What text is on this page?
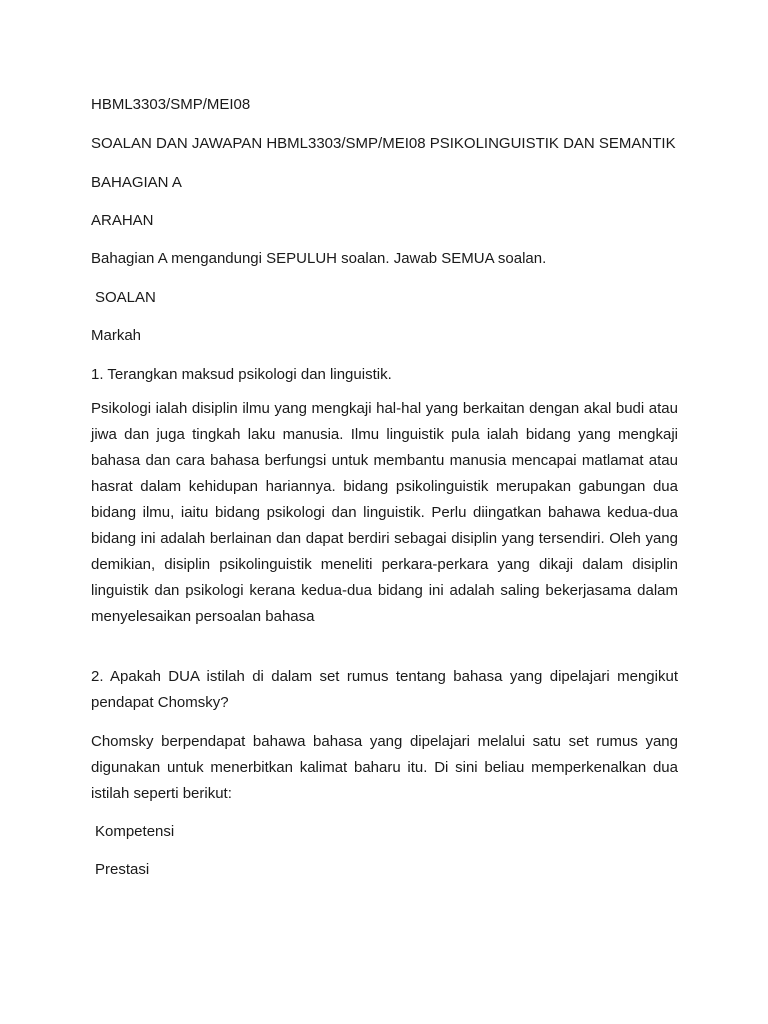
HBML3303/SMP/MEI08
SOALAN DAN JAWAPAN HBML3303/SMP/MEI08 PSIKOLINGUISTIK DAN SEMANTIK
BAHAGIAN A
ARAHAN
Bahagian A mengandungi SEPULUH soalan. Jawab SEMUA soalan.
SOALAN
Markah
1. Terangkan maksud psikologi dan linguistik.
Psikologi ialah disiplin ilmu yang mengkaji hal-hal yang berkaitan dengan akal budi atau jiwa dan juga tingkah laku manusia. Ilmu linguistik pula ialah bidang yang mengkaji bahasa dan cara bahasa berfungsi untuk membantu manusia mencapai matlamat atau hasrat dalam kehidupan hariannya. bidang psikolinguistik merupakan gabungan dua bidang ilmu, iaitu bidang psikologi dan linguistik. Perlu diingatkan bahawa kedua-dua bidang ini adalah berlainan dan dapat berdiri sebagai disiplin yang tersendiri. Oleh yang demikian, disiplin psikolinguistik meneliti perkara-perkara yang dikaji dalam disiplin linguistik dan psikologi kerana kedua-dua bidang ini adalah saling bekerjasama dalam menyelesaikan persoalan bahasa
2. Apakah DUA istilah di dalam set rumus tentang bahasa yang dipelajari mengikut pendapat Chomsky?
Chomsky berpendapat bahawa bahasa yang dipelajari melalui satu set rumus yang digunakan untuk menerbitkan kalimat baharu itu. Di sini beliau memperkenalkan dua istilah seperti berikut:
Kompetensi
Prestasi
